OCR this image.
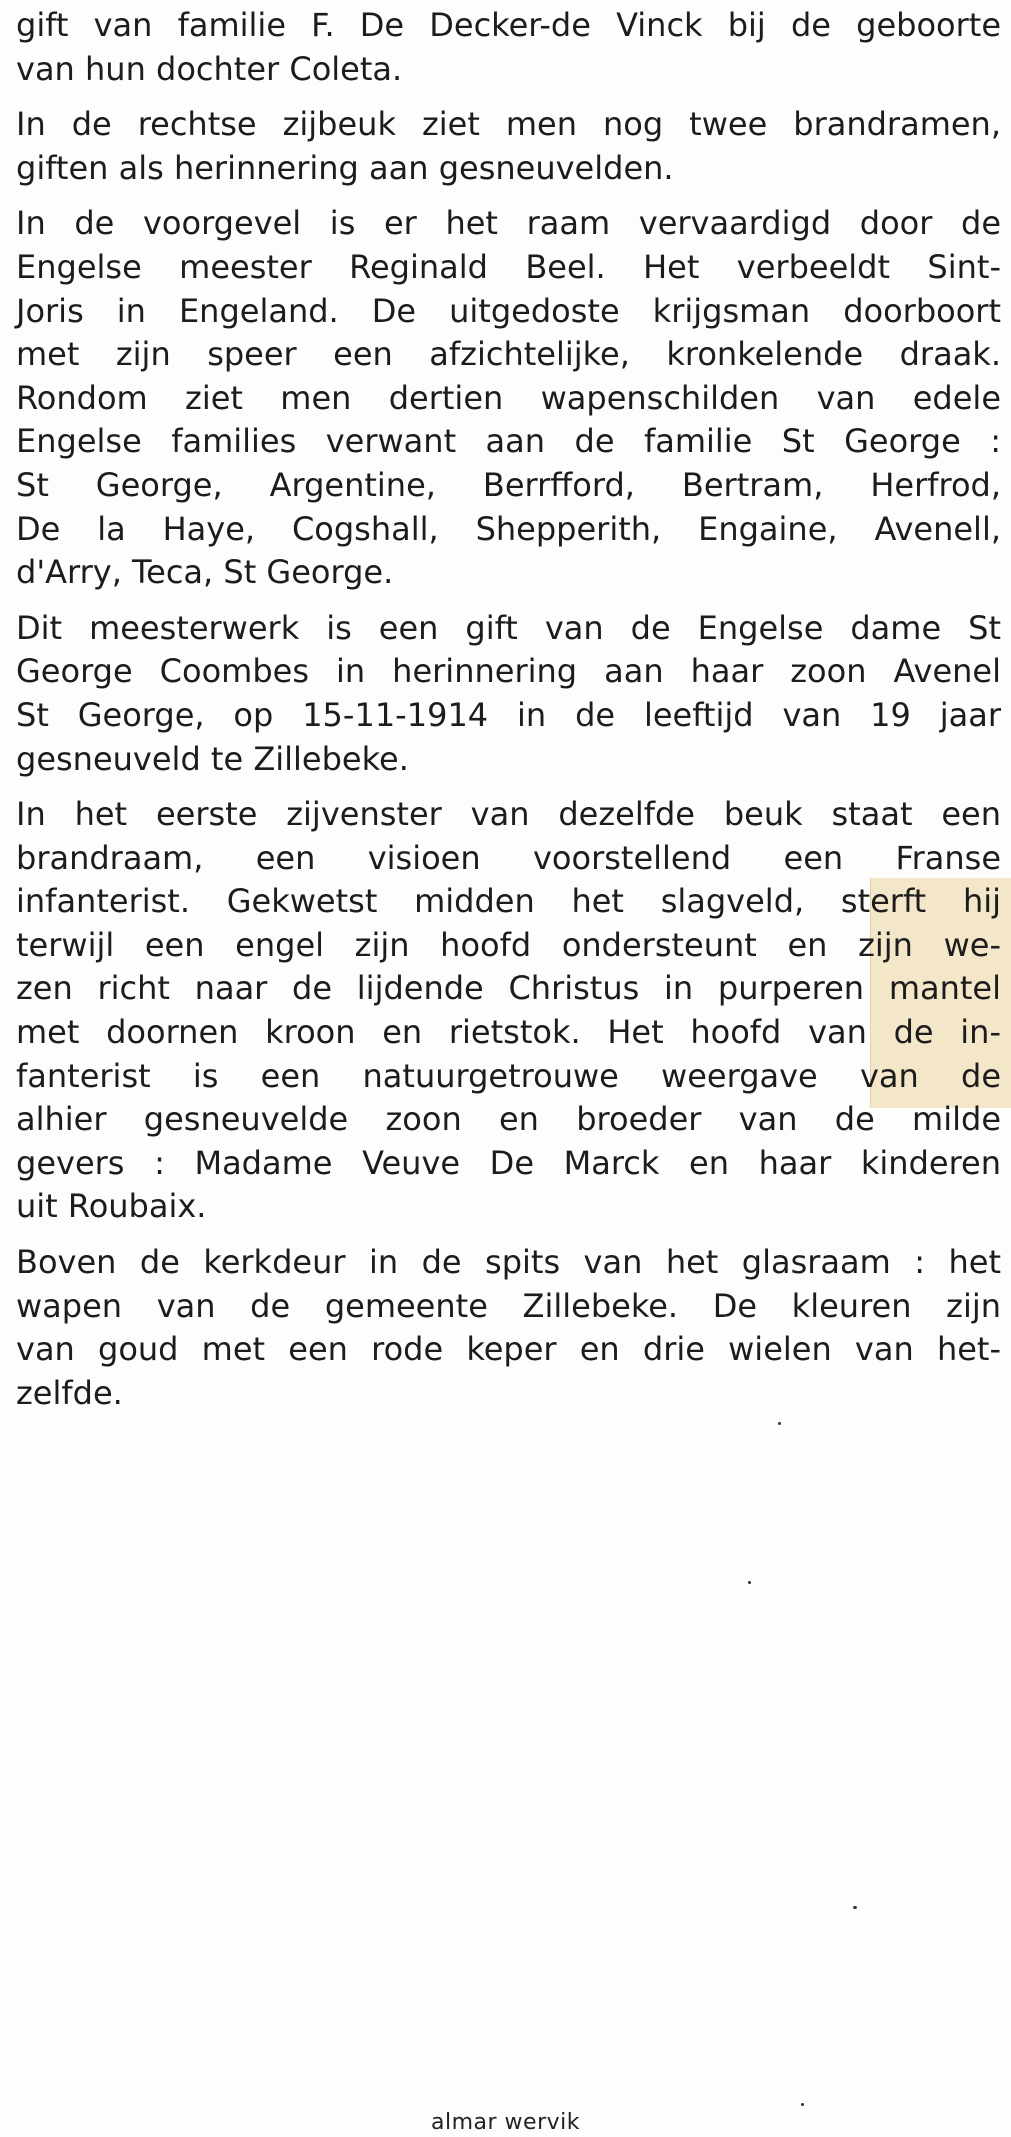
gift van familie F. De Decker-de Vinck bij de geboorte
van hun dochter Coleta.

In de rechtse zijbeuk ziet men nog twee brandramen,
giften als herinnering aan gesneuvelden.

In de voorgevel is er het raam vervaardigd door de
Engelse meester Reginald Beel. Het verbeeldt Sint-
Joris in Engeland. De uitgedoste krijgsman doorboort
met zijn speer een afzichtelijke, kronkelende draak.
Rondom ziet men dertien wapenschilden van edele
Engelse families verwant aan de familie St George :
St George, Argentine, Berrfford, Bertram, Herfrod,
De la Haye, Cogshall, Shepperith, Engaine, Avenell,
d'Arry, Teca, St George.

Dit meesterwerk is een gift van de Engelse dame St
George Coombes in herinnering aan haar zoon Avenel
St George, op 15-11-1914 in de leeftijd van 19 jaar
gesneuveld te Zillebeke.

In het eerste zijvenster van dezelfde beuk staat een
brandraam, een visioen voorstellend een Franse
infanterist. Gekwetst midden het slagveld, sterft hij
terwijl een engel zijn hoofd ondersteunt en zijn we-
zen richt naar de lijdende Christus in purperen mantel
met doornen kroon en rietstok. Het hoofd van de in-
fanterist is een natuurgetrouwe weergave van de
alhier gesneuvelde zoon en broeder van de milde
gevers : Madame Veuve De Marck en haar kinderen
uit Roubaix.

Boven de kerkdeur in de spits van het glasraam : het
wapen van de gemeente Zillebeke. De kleuren zijn
van goud met een rode keper en drie wielen van het-
zelfde.

almar wervik
